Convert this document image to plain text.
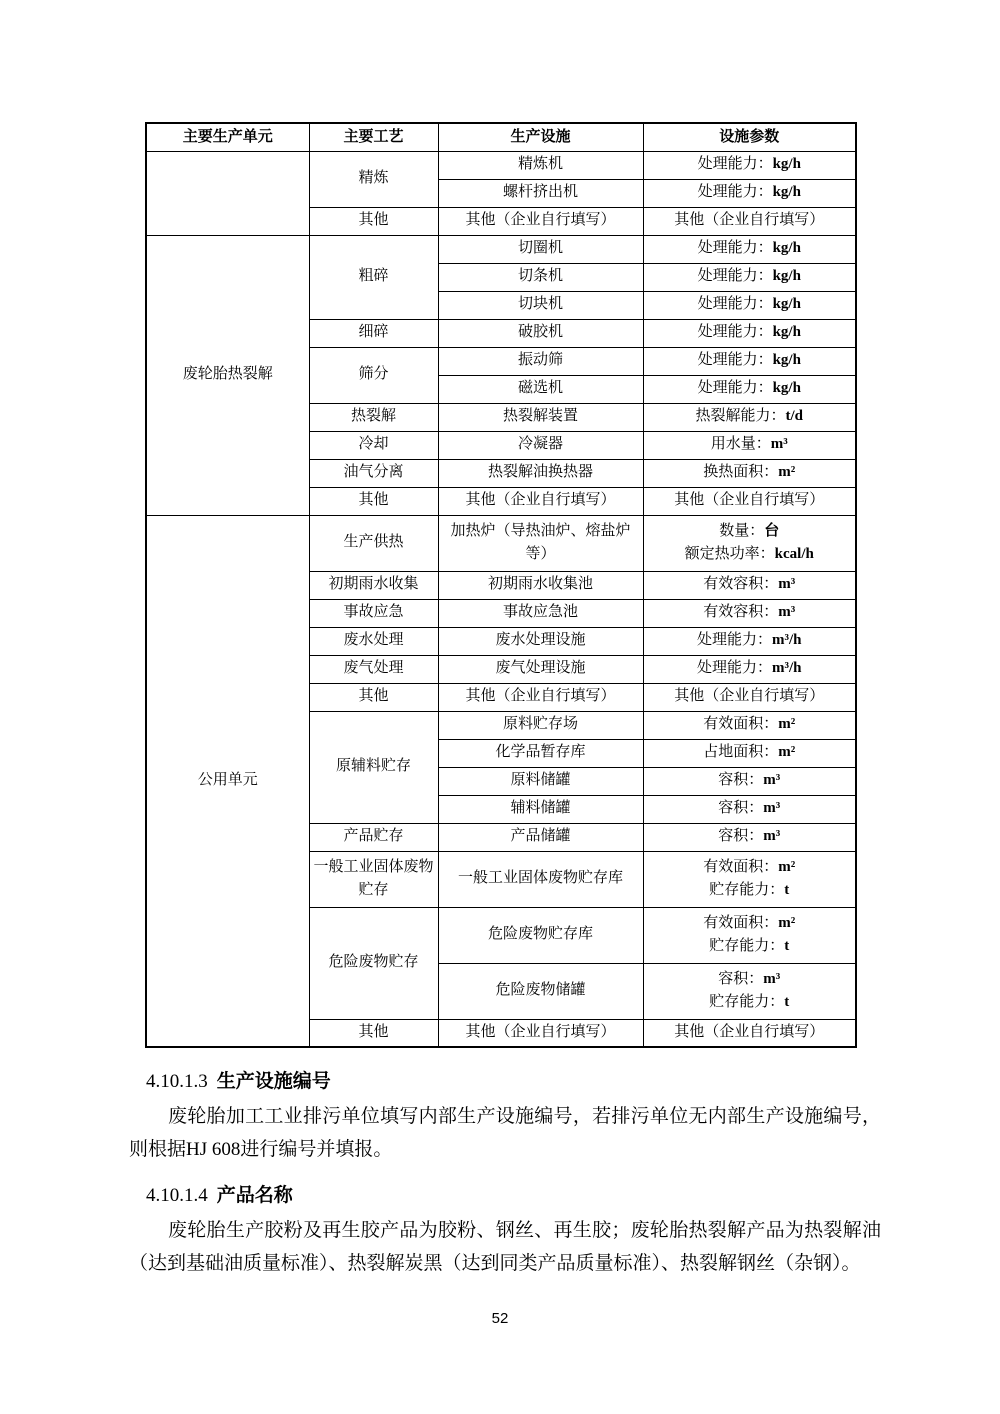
主要生产单元	主要工艺	生产设施	设施参数
	精炼	精炼机	处理能力：kg/h
		螺杆挤出机	处理能力：kg/h
	其他	其他（企业自行填写）	其他（企业自行填写）
废轮胎热裂解	粗碎	切圈机	处理能力：kg/h
		切条机	处理能力：kg/h
		切块机	处理能力：kg/h
	细碎	破胶机	处理能力：kg/h
	筛分	振动筛	处理能力：kg/h
		磁选机	处理能力：kg/h
	热裂解	热裂解装置	热裂解能力：t/d
	冷却	冷凝器	用水量：m³
	油气分离	热裂解油换热器	换热面积：m²
	其他	其他（企业自行填写）	其他（企业自行填写）
公用单元	生产供热	加热炉（导热油炉、熔盐炉等）	数量：台
额定热功率：kcal/h

	初期雨水收集	初期雨水收集池	有效容积：m³
	事故应急	事故应急池	有效容积：m³
	废水处理	废水处理设施	处理能力：m³/h
	废气处理	废气处理设施	处理能力：m³/h
	其他	其他（企业自行填写）	其他（企业自行填写）
	原辅料贮存	原料贮存场	有效面积：m²
		化学品暂存库	占地面积：m²
		原料储罐	容积：m³
		辅料储罐	容积：m³
	产品贮存	产品储罐	容积：m³
	一般工业固体废物贮存	一般工业固体废物贮存库	有效面积：m²
贮存能力：t

	危险废物贮存	危险废物贮存库	有效面积：m²
贮存能力：t

		危险废物储罐	容积：m³
贮存能力：t

	其他	其他（企业自行填写）	其他（企业自行填写）
4.10.1.3 生产设施编号

废轮胎加工工业排污单位填写内部生产设施编号，若排污单位无内部生产设施编号，则根据HJ 608进行编号并填报。

4.10.1.4 产品名称

废轮胎生产胶粉及再生胶产品为胶粉、钢丝、再生胶；废轮胎热裂解产品为热裂解油（达到基础油质量标准）、热裂解炭黑（达到同类产品质量标准）、热裂解钢丝（杂钢）。

52
